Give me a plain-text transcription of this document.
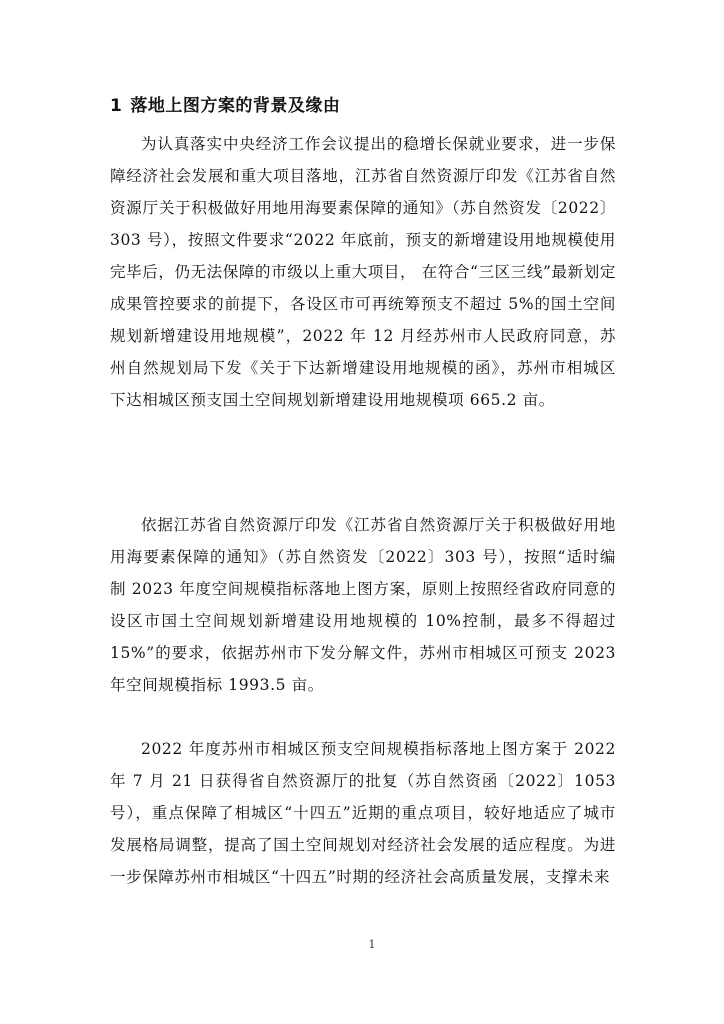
1 落地上图方案的背景及缘由

为认真落实中央经济工作会议提出的稳增长保就业要求，进一步保障经济社会发展和重大项目落地，江苏省自然资源厅印发《江苏省自然资源厅关于积极做好用地用海要素保障的通知》（苏自然资发〔2022〕303 号），按照文件要求“2022 年底前，预支的新增建设用地规模使用完毕后，仍无法保障的市级以上重大项目， 在符合“三区三线”最新划定成果管控要求的前提下，各设区市可再统筹预支不超过 5%的国土空间规划新增建设用地规模”，2022 年 12 月经苏州市人民政府同意，苏州自然规划局下发《关于下达新增建设用地规模的函》，苏州市相城区下达相城区预支国土空间规划新增建设用地规模项 665.2 亩。

依据江苏省自然资源厅印发《江苏省自然资源厅关于积极做好用地用海要素保障的通知》（苏自然资发〔2022〕303 号），按照“适时编制 2023 年度空间规模指标落地上图方案，原则上按照经省政府同意的设区市国土空间规划新增建设用地规模的 10%控制，最多不得超过 15%”的要求，依据苏州市下发分解文件，苏州市相城区可预支 2023 年空间规模指标 1993.5 亩。

2022 年度苏州市相城区预支空间规模指标落地上图方案于 2022 年 7 月 21 日获得省自然资源厅的批复（苏自然资函〔2022〕1053 号），重点保障了相城区“十四五”近期的重点项目，较好地适应了城市发展格局调整，提高了国土空间规划对经济社会发展的适应程度。为进一步保障苏州市相城区“十四五”时期的经济社会高质量发展，支撑未来

1
